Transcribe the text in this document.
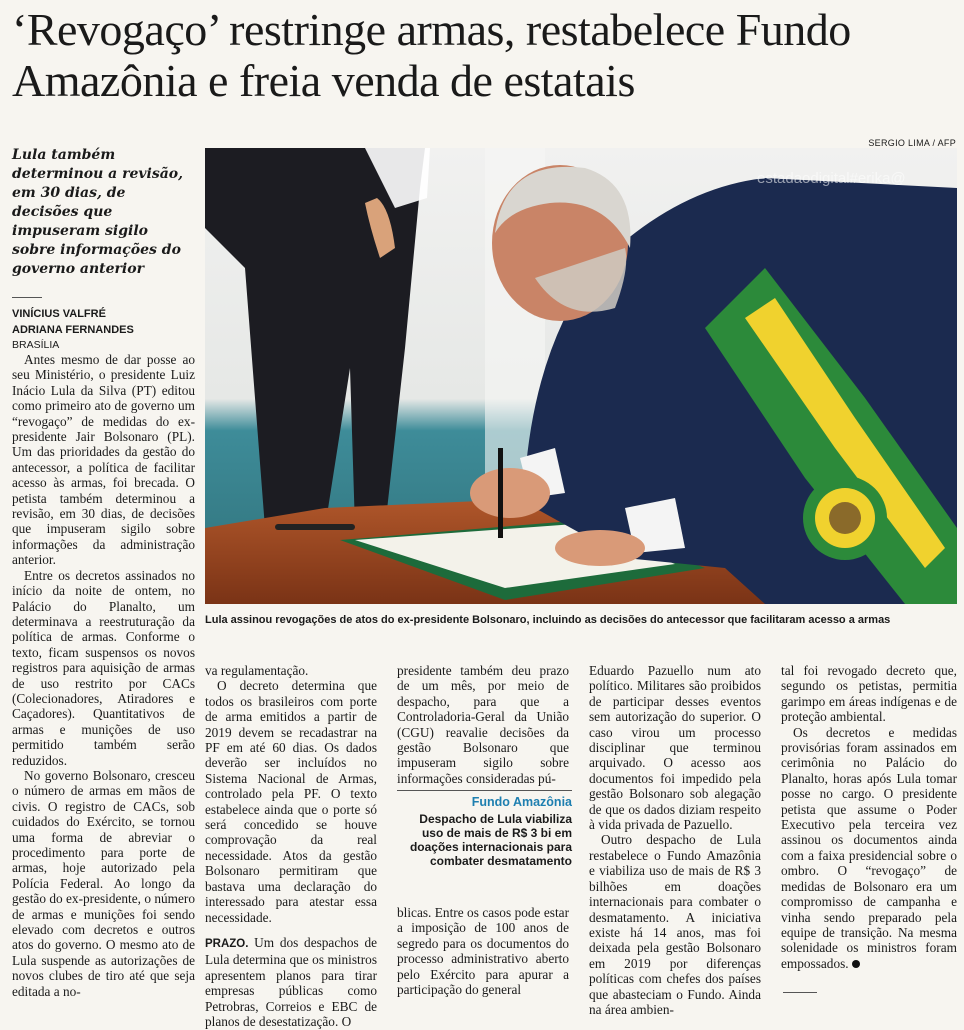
‘Revogaço’ restringe armas, restabelece Fundo Amazônia e freia venda de estatais
SERGIO LIMA / AFP

Lula também determinou a revisão, em 30 dias, de decisões que impuseram sigilo sobre informações do governo anterior

VINÍCIUS VALFRÉ
ADRIANA FERNANDES
BRASÍLIA
estadaodigital#erika@
Lula assinou revogações de atos do ex-presidente Bolsonaro, incluindo as decisões do antecessor que facilitaram acesso a armas

Antes mesmo de dar posse ao seu Ministério, o presidente Luiz Inácio Lula da Silva (PT) editou como primeiro ato de governo um “revogaço” de medidas do ex-presidente Jair Bolsonaro (PL). Um das prioridades da gestão do antecessor, a política de facilitar acesso às armas, foi brecada. O petista também determinou a revisão, em 30 dias, de decisões que impuseram sigilo sobre informações da administração anterior.

Entre os decretos assinados no início da noite de ontem, no Palácio do Planalto, um determinava a reestruturação da política de armas. Conforme o texto, ficam suspensos os novos registros para aquisição de armas de uso restrito por CACs (Colecionadores, Atiradores e Caçadores). Quantitativos de armas e munições de uso permitido também serão reduzidos.

No governo Bolsonaro, cresceu o número de armas em mãos de civis. O registro de CACs, sob cuidados do Exército, se tornou uma forma de abreviar o procedimento para porte de armas, hoje autorizado pela Polícia Federal. Ao longo da gestão do ex-presidente, o número de armas e munições foi sendo elevado com decretos e outros atos do governo. O mesmo ato de Lula suspende as autorizações de novos clubes de tiro até que seja editada a no-

va regulamentação.

O decreto determina que todos os brasileiros com porte de arma emitidos a partir de 2019 devem se recadastrar na PF em até 60 dias. Os dados deverão ser incluídos no Sistema Nacional de Armas, controlado pela PF. O texto estabelece ainda que o porte só será concedido se houve comprovação da real necessidade. Atos da gestão Bolsonaro permitiram que bastava uma declaração do interessado para atestar essa necessidade.

PRAZO. Um dos despachos de Lula determina que os ministros apresentem planos para tirar empresas públicas como Petrobras, Correios e EBC de planos de desestatização. O

presidente também deu prazo de um mês, por meio de despacho, para que a Controladoria-Geral da União (CGU) reavalie decisões da gestão Bolsonaro que impuseram sigilo sobre informações consideradas pú-

Fundo Amazônia

Despacho de Lula viabiliza uso de mais de R$ 3 bi em doações internacionais para combater desmatamento

blicas. Entre os casos pode estar a imposição de 100 anos de segredo para os documentos do processo administrativo aberto pelo Exército para apurar a participação do general

Eduardo Pazuello num ato político. Militares são proibidos de participar desses eventos sem autorização do superior. O caso virou um processo disciplinar que terminou arquivado. O acesso aos documentos foi impedido pela gestão Bolsonaro sob alegação de que os dados diziam respeito à vida privada de Pazuello.

Outro despacho de Lula restabelece o Fundo Amazônia e viabiliza uso de mais de R$ 3 bilhões em doações internacionais para combater o desmatamento. A iniciativa existe há 14 anos, mas foi deixada pela gestão Bolsonaro em 2019 por diferenças políticas com chefes dos países que abasteciam o Fundo. Ainda na área ambien-

tal foi revogado decreto que, segundo os petistas, permitia garimpo em áreas indígenas e de proteção ambiental.

Os decretos e medidas provisórias foram assinados em cerimônia no Palácio do Planalto, horas após Lula tomar posse no cargo. O presidente petista que assume o Poder Executivo pela terceira vez assinou os documentos ainda com a faixa presidencial sobre o ombro. O “revogaço” de medidas de Bolsonaro era um compromisso de campanha e vinha sendo preparado pela equipe de transição. Na mesma solenidade os ministros foram empossados.
